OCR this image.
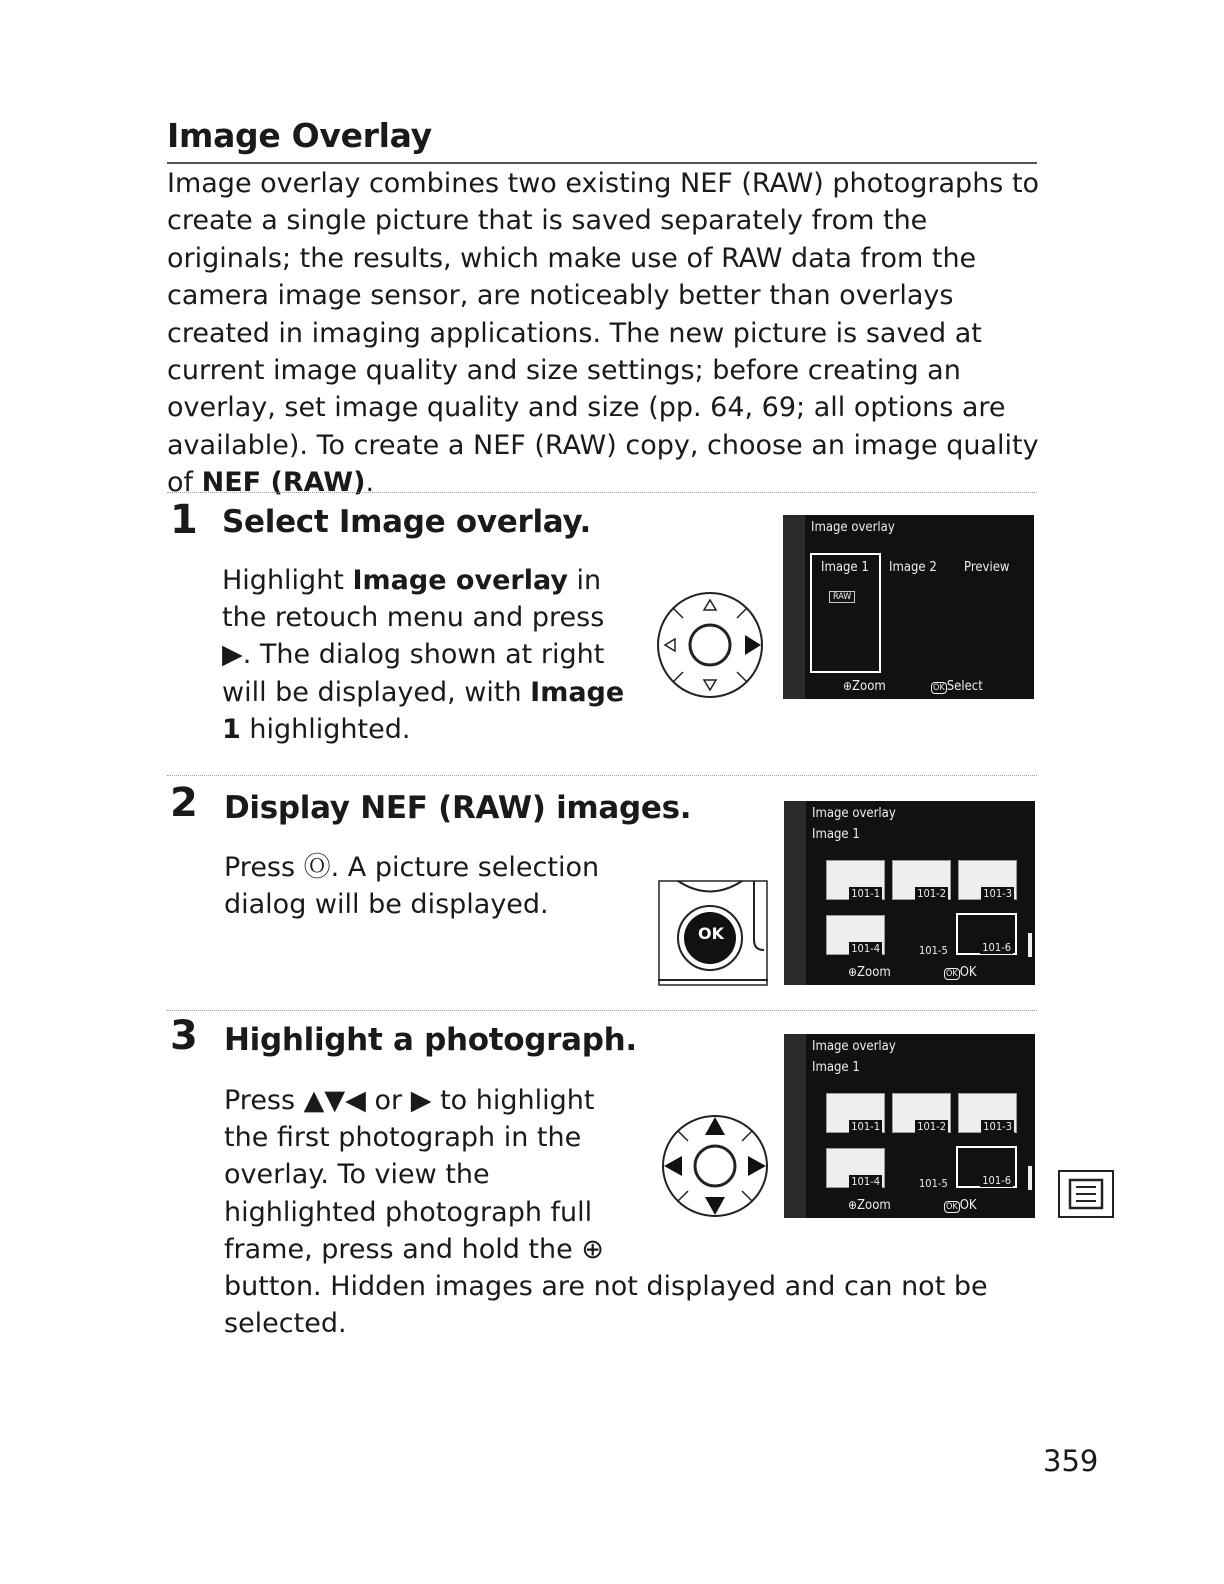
Image Overlay
Image overlay combines two existing NEF (RAW) photographs to create a single picture that is saved separately from the originals; the results, which make use of RAW data from the camera image sensor, are noticeably better than overlays created in imaging applications. The new picture is saved at current image quality and size settings; before creating an overlay, set image quality and size (pp. 64, 69; all options are available). To create a NEF (RAW) copy, choose an image quality of NEF (RAW).
1 Select Image overlay.
Highlight Image overlay in the retouch menu and press ▶. The dialog shown at right will be displayed, with Image 1 highlighted.
Image overlay
Image 1 Image 2 Preview
RAW
⊕Zoom	OK Select
2 Display NEF (RAW) images.
Press Ⓞ. A picture selection dialog will be displayed.
OK
Image overlay
Image 1
101-1	101-2	101-3
101-4	101-5	101-6
⊕Zoom	OK OK
3 Highlight a photograph.
Press ▲▼◀ or ▶ to highlight the first photograph in the overlay. To view the highlighted photograph full frame, press and hold the ⊕ button. Hidden images are not displayed and can not be selected.
Image overlay
Image 1
101-1	101-2	101-3
101-4	101-5	101-6
⊕Zoom	OK OK
359
